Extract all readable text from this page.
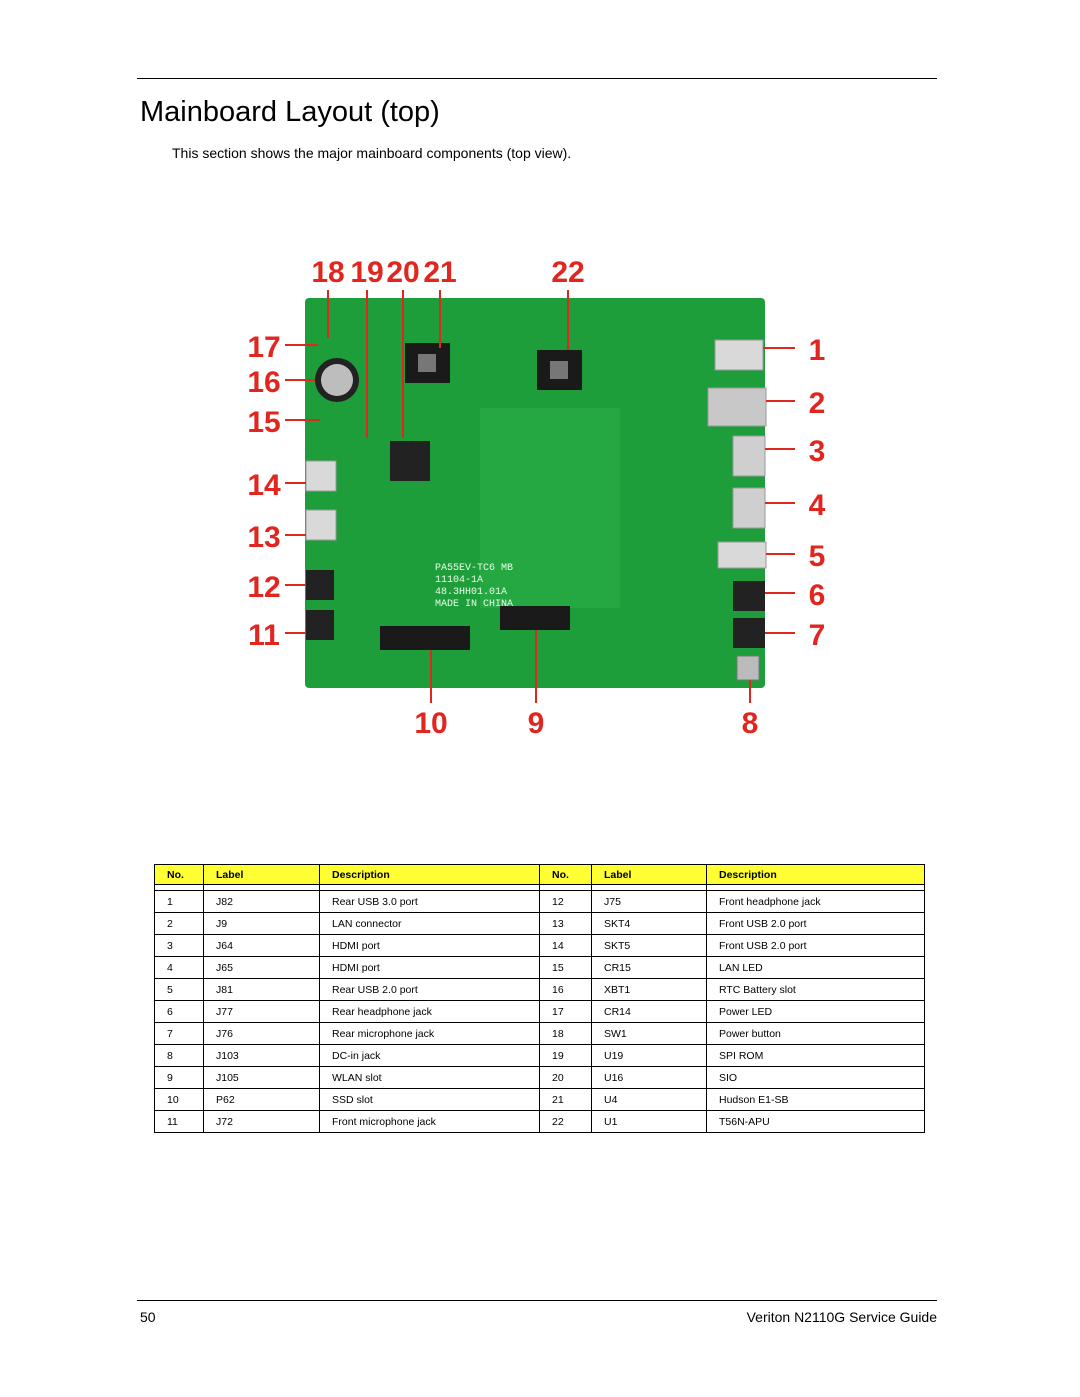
Mainboard Layout (top)
This section shows the major mainboard components (top view).
PA55EV-TC6 MB
11104-1A
48.3HH01.01A
MADE IN CHINA
1
2
3
4
5
6
7
8
9
10
11
12
13
14
15
16
17
18 19 20 21	22
No.	Label	Description	No.	Label	Description

1	J82	Rear USB 3.0 port	12	J75	Front headphone jack
2	J9	LAN connector	13	SKT4	Front USB 2.0 port
3	J64	HDMI port	14	SKT5	Front USB 2.0 port
4	J65	HDMI port	15	CR15	LAN LED
5	J81	Rear USB 2.0 port	16	XBT1	RTC Battery slot
6	J77	Rear headphone jack	17	CR14	Power LED
7	J76	Rear microphone jack	18	SW1	Power button
8	J103	DC-in jack	19	U19	SPI ROM
9	J105	WLAN slot	20	U16	SIO
10	P62	SSD slot	21	U4	Hudson E1-SB
11	J72	Front microphone jack	22	U1	T56N-APU
50	Veriton N2110G Service Guide
